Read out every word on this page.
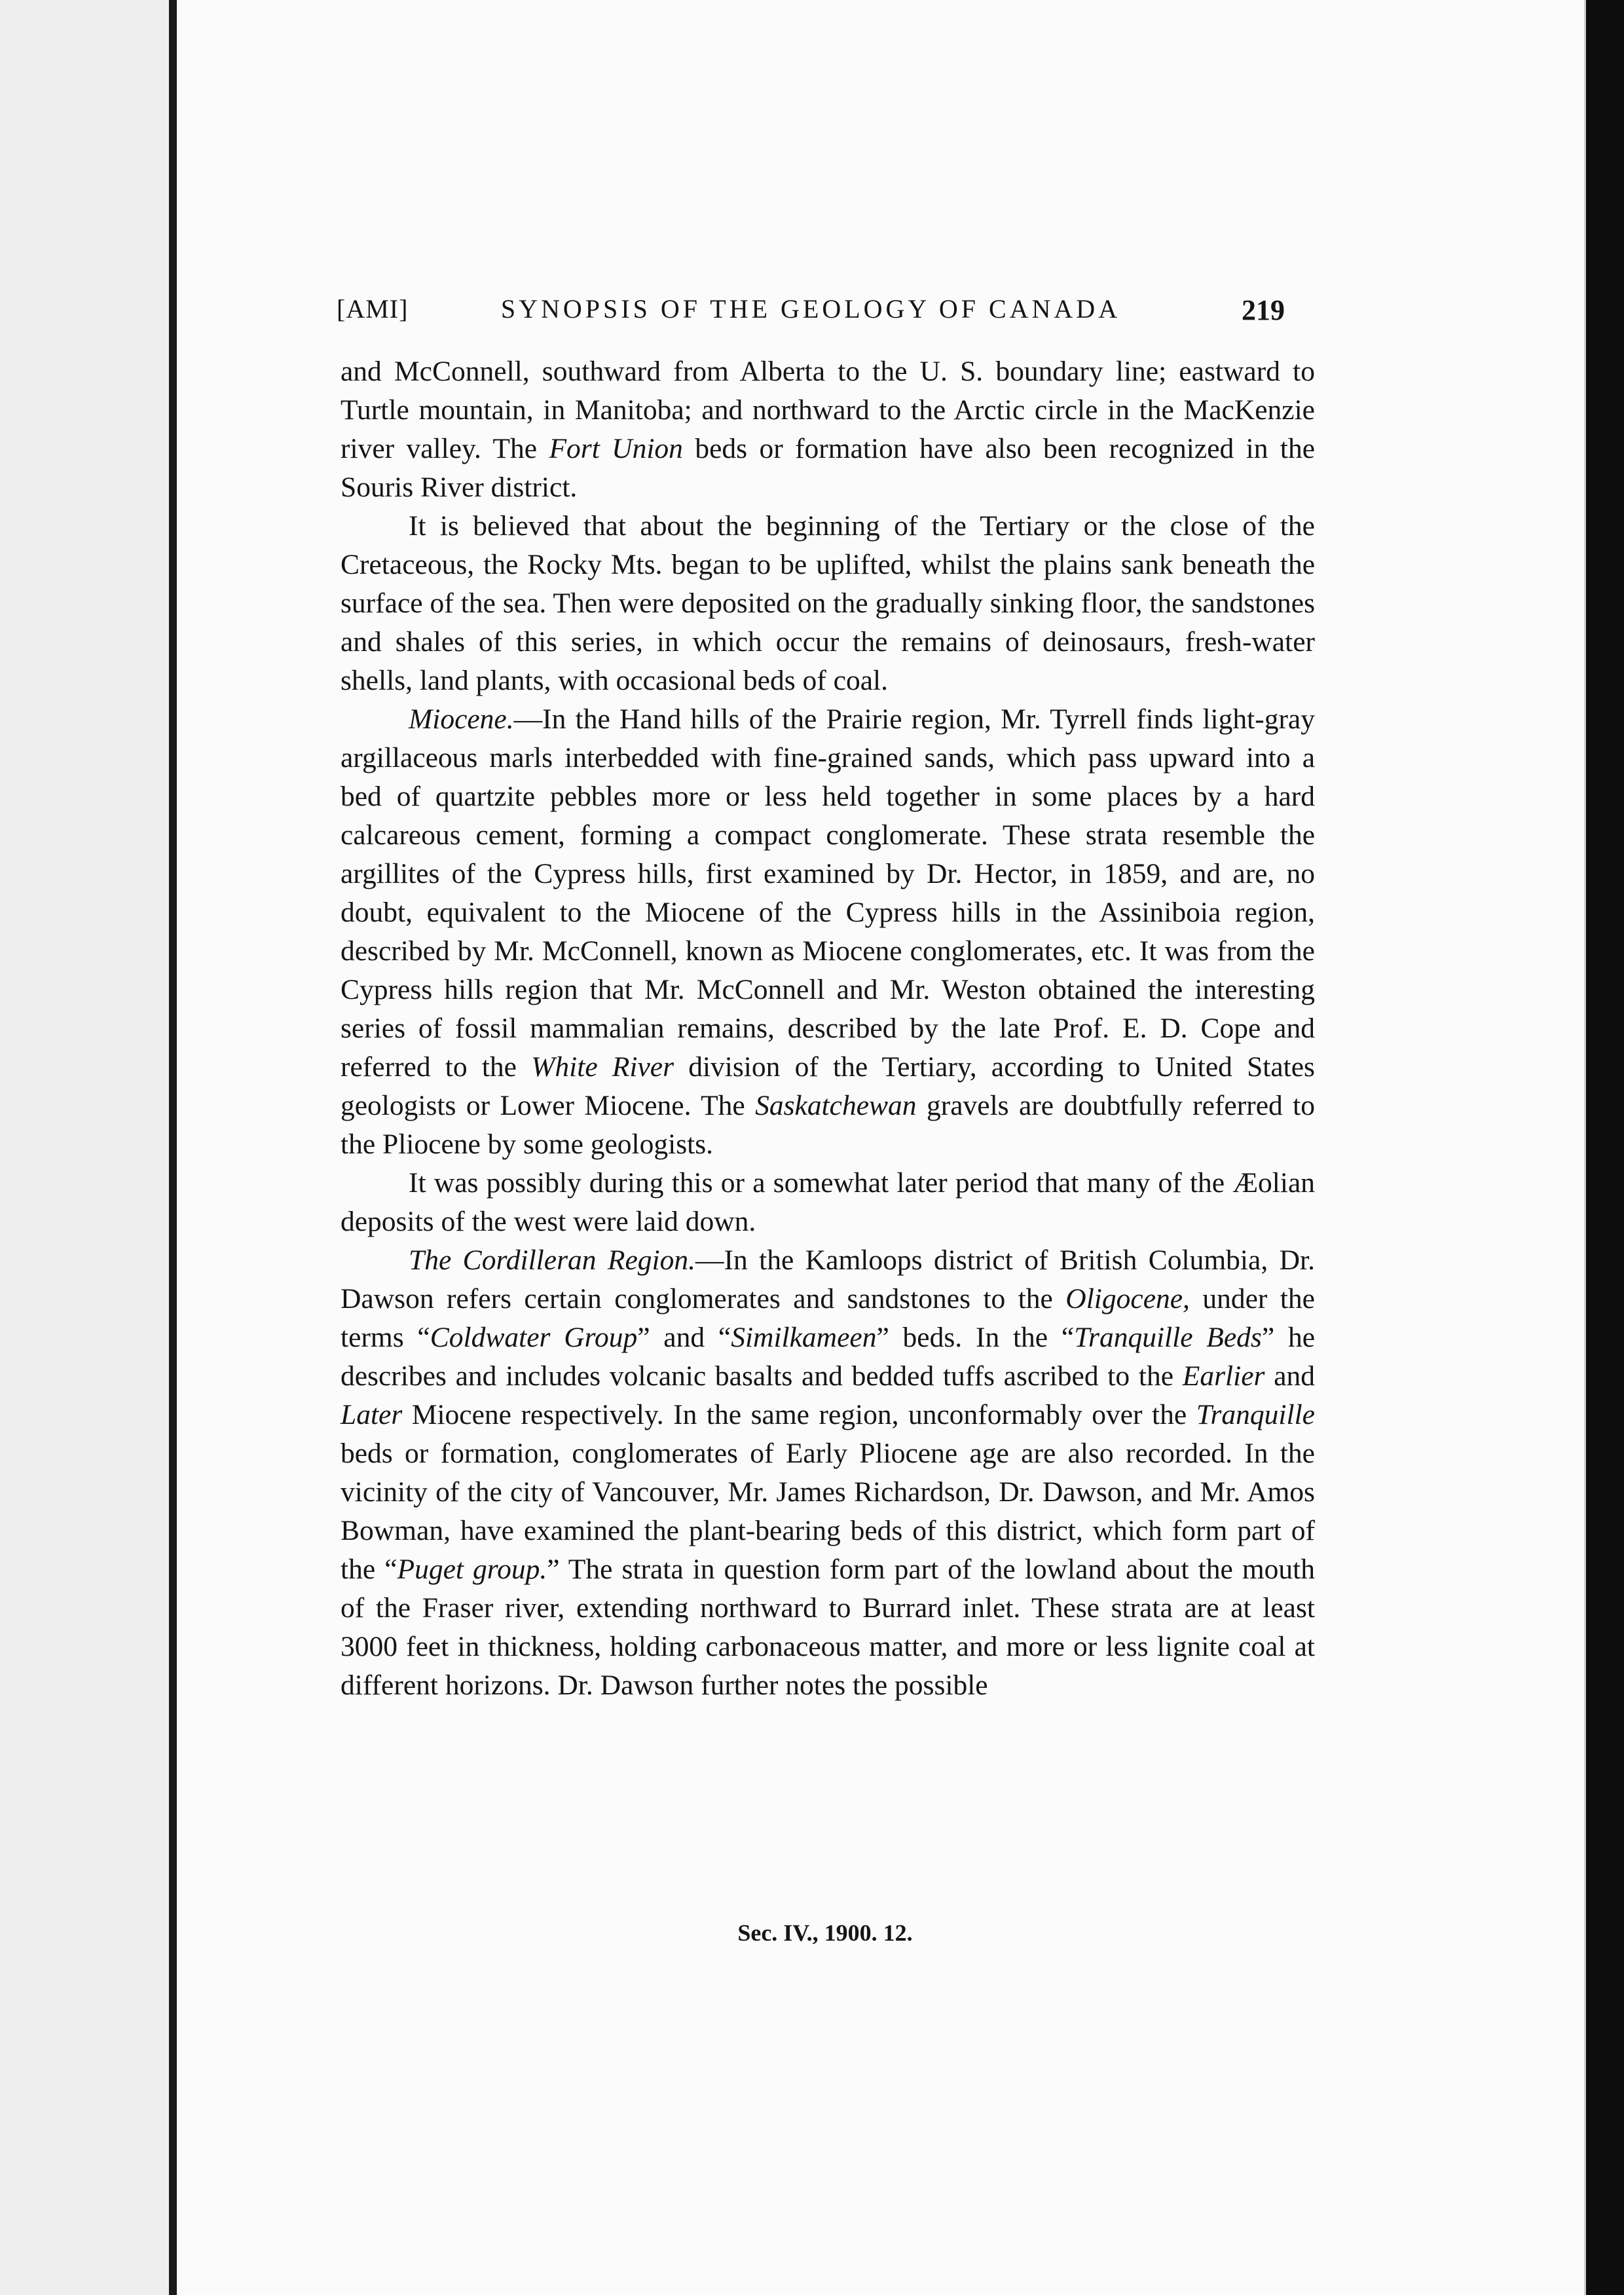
[AMI]	SYNOPSIS OF THE GEOLOGY OF CANADA	219

and McConnell, southward from Alberta to the U. S. boundary line; eastward to Turtle mountain, in Manitoba; and northward to the Arctic circle in the MacKenzie river valley. The Fort Union beds or formation have also been recognized in the Souris River district.

It is believed that about the beginning of the Tertiary or the close of the Cretaceous, the Rocky Mts. began to be uplifted, whilst the plains sank beneath the surface of the sea. Then were deposited on the gradually sinking floor, the sandstones and shales of this series, in which occur the remains of deinosaurs, fresh-water shells, land plants, with occasional beds of coal.

Miocene.—In the Hand hills of the Prairie region, Mr. Tyrrell finds light-gray argillaceous marls interbedded with fine-grained sands, which pass upward into a bed of quartzite pebbles more or less held together in some places by a hard calcareous cement, forming a compact conglomerate. These strata resemble the argillites of the Cypress hills, first examined by Dr. Hector, in 1859, and are, no doubt, equivalent to the Miocene of the Cypress hills in the Assiniboia region, described by Mr. McConnell, known as Miocene conglomerates, etc. It was from the Cypress hills region that Mr. McConnell and Mr. Weston obtained the interesting series of fossil mammalian remains, described by the late Prof. E. D. Cope and referred to the White River division of the Tertiary, according to United States geologists or Lower Miocene. The Saskatchewan gravels are doubtfully referred to the Pliocene by some geologists.

It was possibly during this or a somewhat later period that many of the Æolian deposits of the west were laid down.

The Cordilleran Region.—In the Kamloops district of British Columbia, Dr. Dawson refers certain conglomerates and sandstones to the Oligocene, under the terms “Coldwater Group” and “Similkameen” beds. In the “Tranquille Beds” he describes and includes volcanic basalts and bedded tuffs ascribed to the Earlier and Later Miocene respectively. In the same region, unconformably over the Tranquille beds or formation, conglomerates of Early Pliocene age are also recorded. In the vicinity of the city of Vancouver, Mr. James Richardson, Dr. Dawson, and Mr. Amos Bowman, have examined the plant-bearing beds of this district, which form part of the “Puget group.” The strata in question form part of the lowland about the mouth of the Fraser river, extending northward to Burrard inlet. These strata are at least 3000 feet in thickness, holding carbonaceous matter, and more or less lignite coal at different horizons. Dr. Dawson further notes the possible

Sec. IV., 1900. 12.
